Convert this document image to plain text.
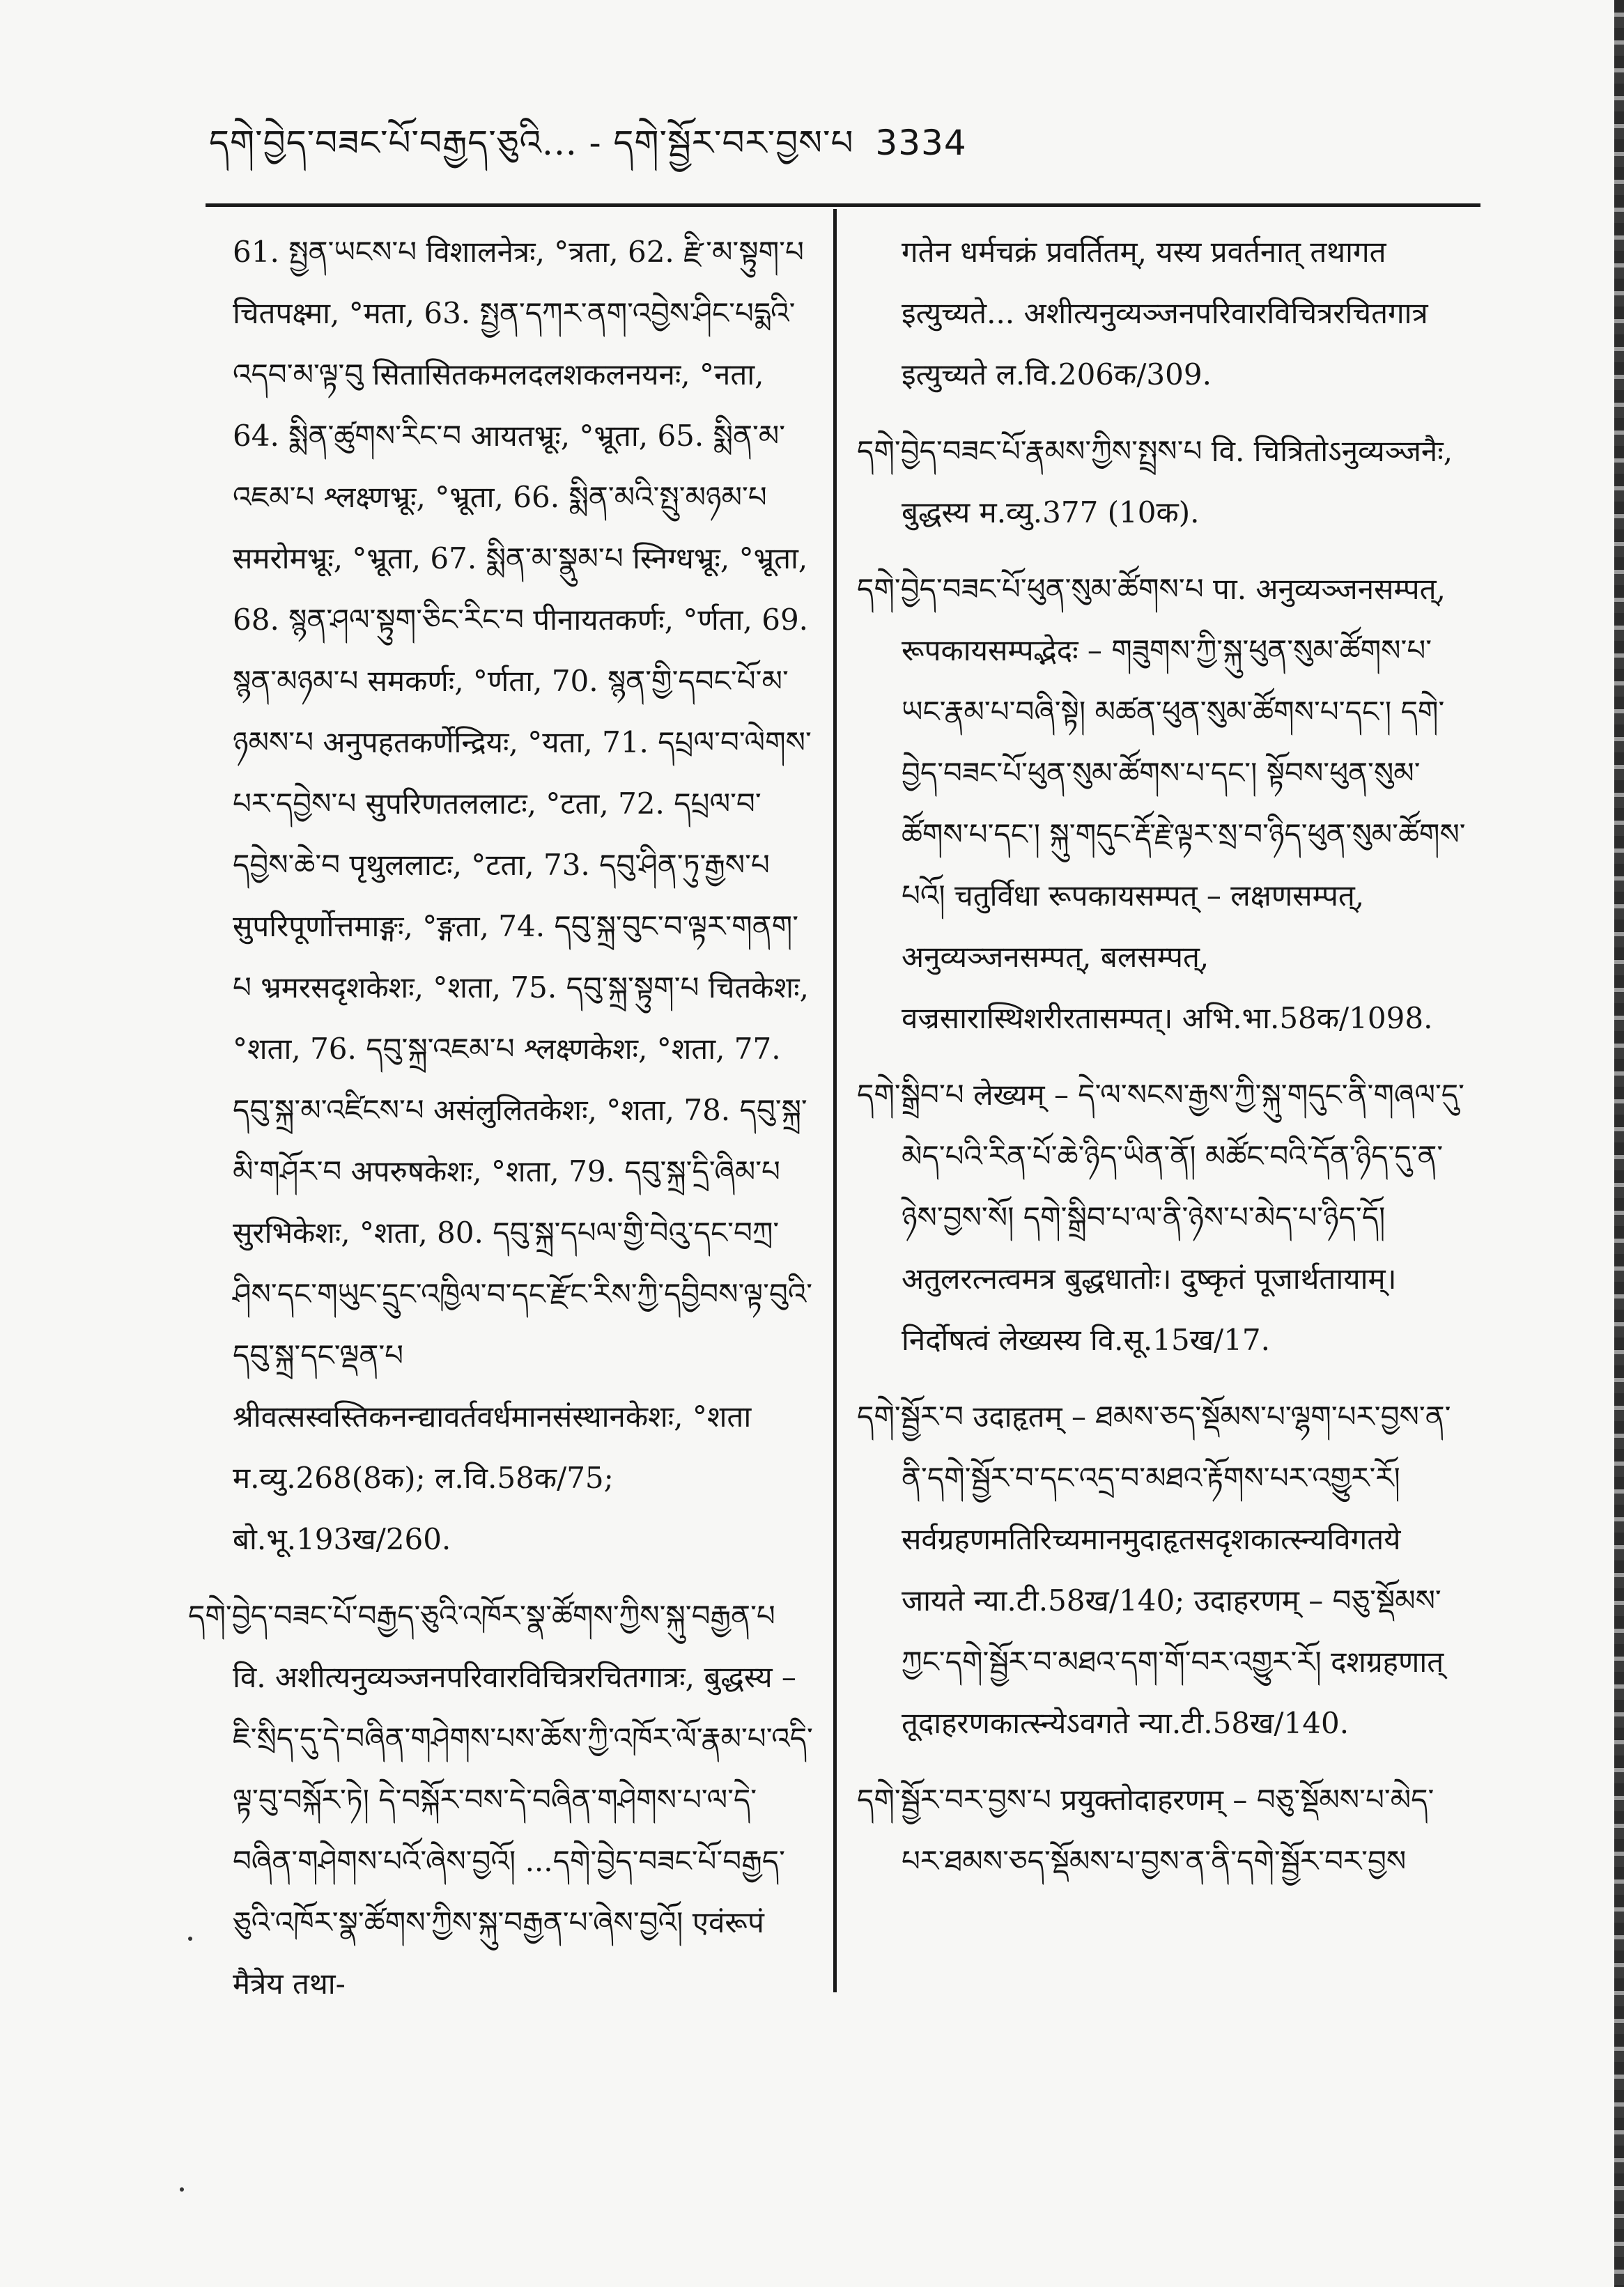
དགེ་བྱེད་བཟང་པོ་བརྒྱད་ཅུའི... - དགེ་སྦྱོར་བར་བྱས་པ 3334

61. སྤྱན་ཡངས་པ विशालनेत्रः, °त्रता, 62. རྫི་མ་སྟུག་པ चितपक्ष्मा, °मता, 63. སྤྱན་དཀར་ནག་འབྱེས་ཤིང་པདྨའི་འདབ་མ་ལྟ་བུ सितासितकमलदलशकलनयनः, °नता, 64. སྨིན་ཚུགས་རིང་བ आयतभ्रूः, °भ्रूता, 65. སྨིན་མ་འཇམ་པ श्लक्ष्णभ्रूः, °भ्रूता, 66. སྨིན་མའི་སྤུ་མཉམ་པ समरोमभ्रूः, °भ्रूता, 67. སྨིན་མ་སྣུམ་པ स्निग्धभ्रूः, °भ्रूता, 68. སྙན་ཤལ་སྟུག་ཅིང་རིང་བ पीनायतकर्णः, °र्णता, 69. སྙན་མཉམ་པ समकर्णः, °र्णता, 70. སྙན་གྱི་དབང་པོ་མ་ཉམས་པ अनुपहतकर्णेन्द्रियः, °यता, 71. དཔྲལ་བ་ལེགས་པར་དབྱེས་པ सुपरिणतललाटः, °टता, 72. དཔྲལ་བ་དབྱེས་ཆེ་བ पृथुललाटः, °टता, 73. དབུ་ཤིན་ཏུ་རྒྱས་པ सुपरिपूर्णोत्तमाङ्गः, °ङ्गता, 74. དབུ་སྐྲ་བུང་བ་ལྟར་གནག་པ भ्रमरसदृशकेशः, °शता, 75. དབུ་སྐྲ་སྟུག་པ चितकेशः, °शता, 76. དབུ་སྐྲ་འཇམ་པ श्लक्ष्णकेशः, °शता, 77. དབུ་སྐྲ་མ་འཛིངས་པ असंलुलितकेशः, °शता, 78. དབུ་སྐྲ་མི་གཤོར་བ अपरुषकेशः, °शता, 79. དབུ་སྐྲ་དྲི་ཞིམ་པ सुरभिकेशः, °शता, 80. དབུ་སྐྲ་དཔལ་གྱི་བེའུ་དང་བཀྲ་ཤིས་དང་གཡུང་དྲུང་འཁྱིལ་བ་དང་རྫོང་རིས་ཀྱི་དབྱིབས་ལྟ་བུའི་དབུ་སྐྲ་དང་ལྡན་པ श्रीवत्सस्वस्तिकनन्द्यावर्तवर्धमानसंस्थानकेशः, °शता म.व्यु.268(8क); ल.वि.58क/75; बो.भू.193ख/260.

དགེ་བྱེད་བཟང་པོ་བརྒྱད་ཅུའི་འཁོར་སྣ་ཚོགས་ཀྱིས་སྐུ་བརྒྱན་པ वि. अशीत्यनुव्यञ्जनपरिवारविचित्ररचितगात्रः, बुद्धस्य – ཇི་སྲིད་དུ་དེ་བཞིན་གཤེགས་པས་ཆོས་ཀྱི་འཁོར་ལོ་རྣམ་པ་འདི་ལྟ་བུ་བསྐོར་ཏེ། དེ་བསྐོར་བས་དེ་བཞིན་གཤེགས་པ་ལ་དེ་བཞིན་གཤེགས་པའོ་ཞེས་བྱའོ། ...དགེ་བྱེད་བཟང་པོ་བརྒྱད་ཅུའི་འཁོར་སྣ་ཚོགས་ཀྱིས་སྐུ་བརྒྱན་པ་ཞེས་བྱའོ། एवंरूपं मैत्रेय तथा-

गतेन धर्मचक्रं प्रवर्तितम्, यस्य प्रवर्तनात् तथागत इत्युच्यते... अशीत्यनुव्यञ्जनपरिवारविचित्ररचितगात्र इत्युच्यते ल.वि.206क/309.

དགེ་བྱེད་བཟང་པོ་རྣམས་ཀྱིས་སྤྲས་པ वि. चित्रितोऽनुव्यञ्जनैः, बुद्धस्य म.व्यु.377 (10क).

དགེ་བྱེད་བཟང་པོ་ཕུན་སུམ་ཚོགས་པ पा. अनुव्यञ्जनसम्पत्, रूपकायसम्पद्भेदः – གཟུགས་ཀྱི་སྐུ་ཕུན་སུམ་ཚོགས་པ་ཡང་རྣམ་པ་བཞི་སྟེ། མཚན་ཕུན་སུམ་ཚོགས་པ་དང་། དགེ་བྱེད་བཟང་པོ་ཕུན་སུམ་ཚོགས་པ་དང་། སྟོབས་ཕུན་སུམ་ཚོགས་པ་དང་། སྐུ་གདུང་རྡོ་རྗེ་ལྟར་སྲ་བ་ཉིད་ཕུན་སུམ་ཚོགས་པའོ། चतुर्विधा रूपकायसम्पत् – लक्षणसम्पत्, अनुव्यञ्जनसम्पत्, बलसम्पत्, वज्रसारास्थिशरीरतासम्पत्। अभि.भा.58क/1098.

དགེ་སྒྲིབ་པ लेख्यम् – དེ་ལ་སངས་རྒྱས་ཀྱི་སྐུ་གདུང་ནི་གཞལ་དུ་མེད་པའི་རིན་པོ་ཆེ་ཉིད་ཡིན་ནོ། མཚོང་བའི་དོན་ཉིད་དུ་ན་ཉེས་བྱས་སོ། དགེ་སྒྲིབ་པ་ལ་ནི་ཉེས་པ་མེད་པ་ཉིད་དོ། अतुलरत्नत्वमत्र बुद्धधातोः। दुष्कृतं पूजार्थतायाम्। निर्दोषत्वं लेख्यस्य वि.सू.15ख/17.

དགེ་སྦྱོར་བ उदाहृतम् – ཐམས་ཅད་སྡོམས་པ་ལྷག་པར་བྱས་ན་ནི་དགེ་སྦྱོར་བ་དང་འདྲ་བ་མཐའ་རྟོགས་པར་འགྱུར་རོ། सर्वग्रहणमतिरिच्यमानमुदाहृतसदृशकात्स्न्यविगतये जायते न्या.टी.58ख/140; उदाहरणम् – བཅུ་སྡོམས་ཀྱང་དགེ་སྦྱོར་བ་མཐའ་དག་གོ་བར་འགྱུར་རོ། दशग्रहणात् तूदाहरणकात्स्न्येऽवगते न्या.टी.58ख/140.

དགེ་སྦྱོར་བར་བྱས་པ प्रयुक्तोदाहरणम् – བཅུ་སྡོམས་པ་མེད་པར་ཐམས་ཅད་སྡོམས་པ་བྱས་ན་ནི་དགེ་སྦྱོར་བར་བྱས
